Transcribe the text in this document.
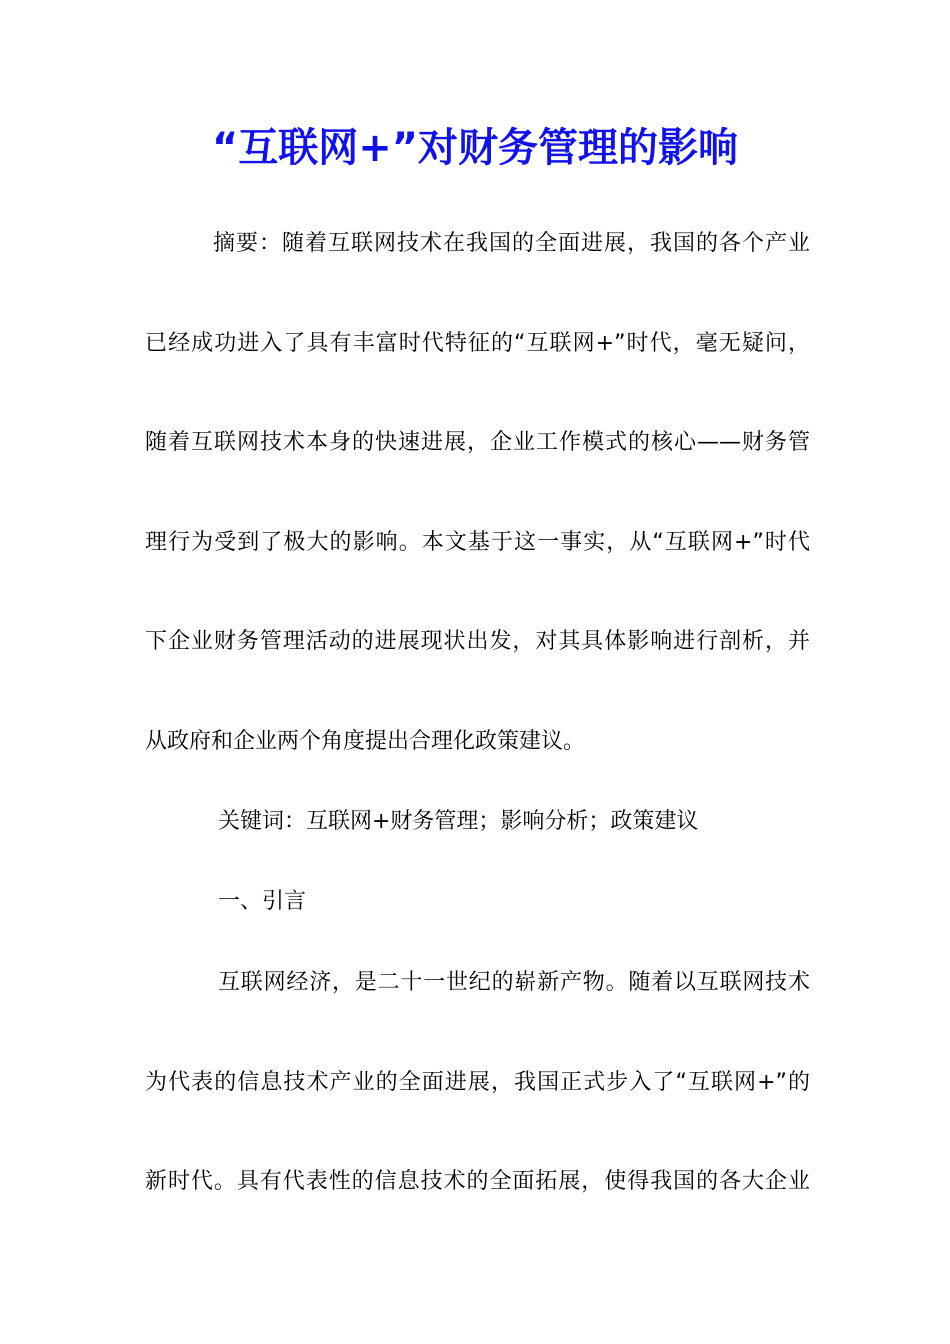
“互联网+”对财务管理的影响

摘要：随着互联网技术在我国的全面进展，我国的各个产业

已经成功进入了具有丰富时代特征的“互联网+”时代，毫无疑问，

随着互联网技术本身的快速进展，企业工作模式的核心——财务管

理行为受到了极大的影响。本文基于这一事实，从“互联网+”时代

下企业财务管理活动的进展现状出发，对其具体影响进行剖析，并

从政府和企业两个角度提出合理化政策建议。

关键词：互联网+财务管理；影响分析；政策建议

一、引言

互联网经济，是二十一世纪的崭新产物。随着以互联网技术

为代表的信息技术产业的全面进展，我国正式步入了“互联网+”的

新时代。具有代表性的信息技术的全面拓展，使得我国的各大企业
